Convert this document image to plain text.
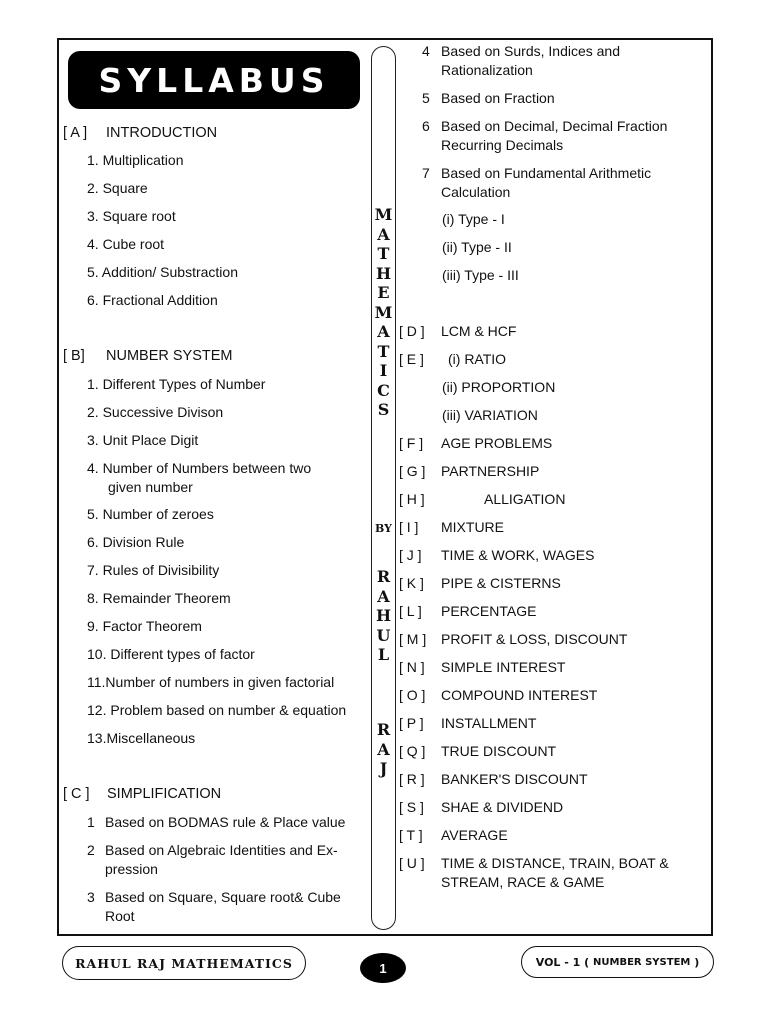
SYLLABUS
[ A ] INTRODUCTION
1. Multiplication
2. Square
3. Square root
4. Cube root
5. Addition/ Substraction
6. Fractional Addition
[ B] NUMBER SYSTEM
1. Different Types of Number
2. Successive Divison
3. Unit Place Digit
4. Number of Numbers between two
given number
5. Number of zeroes
6. Division Rule
7. Rules of Divisibility
8. Remainder Theorem
9. Factor Theorem
10. Different types of factor
11.Number of numbers in given factorial
12. Problem based on number & equation
13.Miscellaneous
[ C ] SIMPLIFICATION
1 Based on BODMAS rule & Place value
2 Based on Algebraic Identities and Ex-
pression
3 Based on Square, Square root& Cube
Root
M
A
T
H
E
M
A
T
I
C
S
BY
R
A
H
U
L
R
A
J
4 Based on Surds, Indices and
Rationalization
5 Based on Fraction
6 Based on Decimal, Decimal Fraction
Recurring Decimals
7 Based on Fundamental Arithmetic
Calculation
(i) Type - I
(ii) Type - II
(iii) Type - III
[ D ] LCM & HCF
[ E ] (i) RATIO
(ii) PROPORTION
(iii) VARIATION
[ F ] AGE PROBLEMS
[ G ] PARTNERSHIP
[ H ]	ALLIGATION
[ I ] MIXTURE
[ J ] TIME & WORK, WAGES
[ K ] PIPE & CISTERNS
[ L ] PERCENTAGE
[ M ] PROFIT & LOSS, DISCOUNT
[ N ] SIMPLE INTEREST
[ O ] COMPOUND INTEREST
[ P ] INSTALLMENT
[ Q ] TRUE DISCOUNT
[ R ] BANKER'S DISCOUNT
[ S ] SHAE & DIVIDEND
[ T ] AVERAGE
[ U ] TIME & DISTANCE, TRAIN, BOAT &
STREAM, RACE & GAME
RAHUL RAJ MATHEMATICS	1	VOL - 1 (
NUMBER SYSTEM
)
